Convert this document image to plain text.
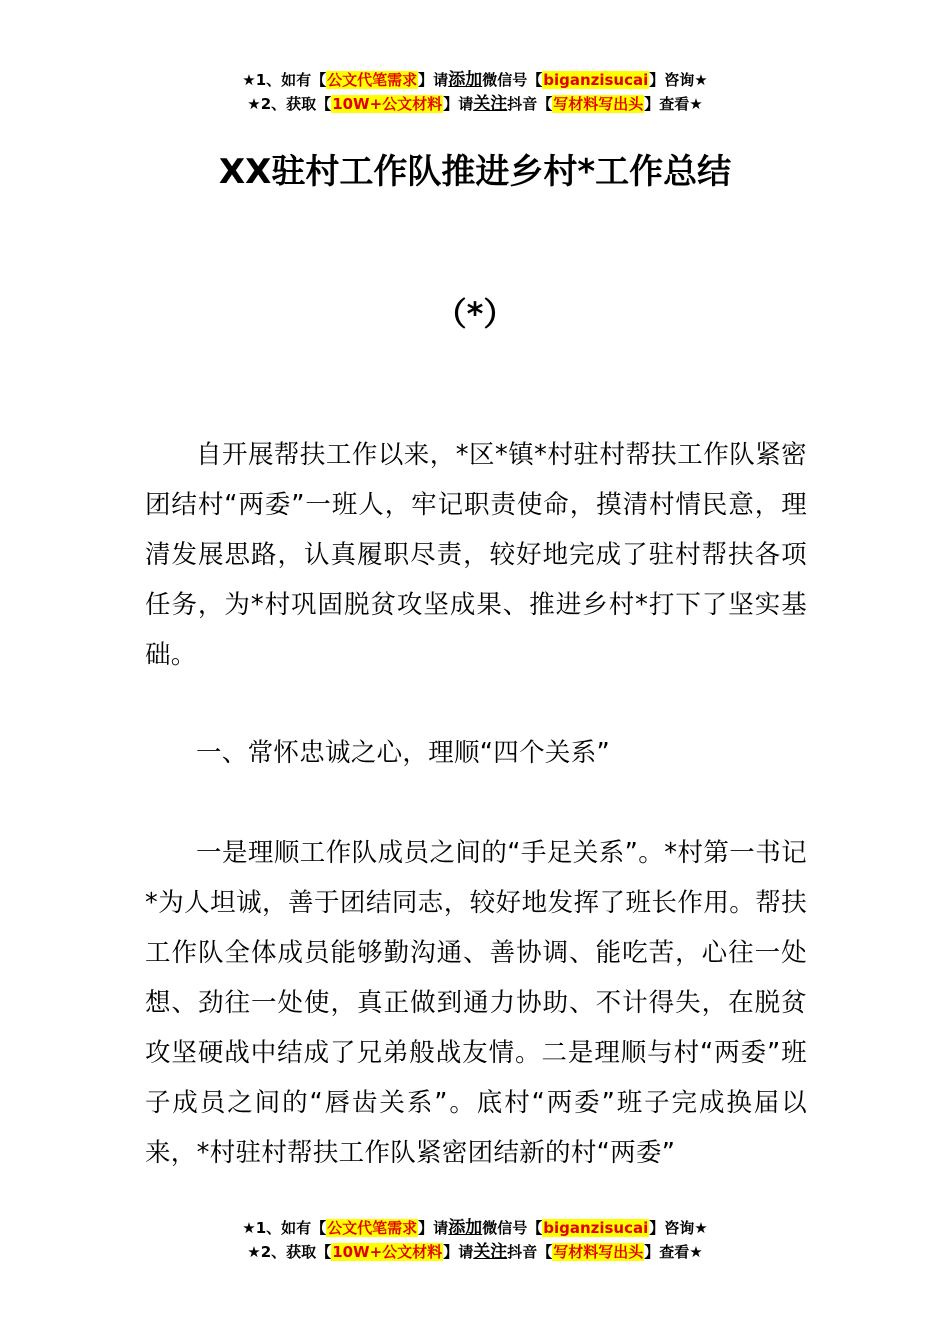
★1、如有【公文代笔需求】请添加微信号【biganzisucai】咨询★
★2、获取【10W+公文材料】请关注抖音【写材料写出头】查看★
XX驻村工作队推进乡村*工作总结
（*）

自开展帮扶工作以来，*区*镇*村驻村帮扶工作队紧密团结村“两委”一班人，牢记职责使命，摸清村情民意，理清发展思路，认真履职尽责，较好地完成了驻村帮扶各项任务，为*村巩固脱贫攻坚成果、推进乡村*打下了坚实基础。

一、常怀忠诚之心，理顺“四个关系”

一是理顺工作队成员之间的“手足关系”。*村第一书记*为人坦诚，善于团结同志，较好地发挥了班长作用。帮扶工作队全体成员能够勤沟通、善协调、能吃苦，心往一处想、劲往一处使，真正做到通力协助、不计得失，在脱贫攻坚硬战中结成了兄弟般战友情。二是理顺与村“两委”班子成员之间的“唇齿关系”。底村“两委”班子完成换届以来，*村驻村帮扶工作队紧密团结新的村“两委”

★1、如有【公文代笔需求】请添加微信号【biganzisucai】咨询★
★2、获取【10W+公文材料】请关注抖音【写材料写出头】查看★
